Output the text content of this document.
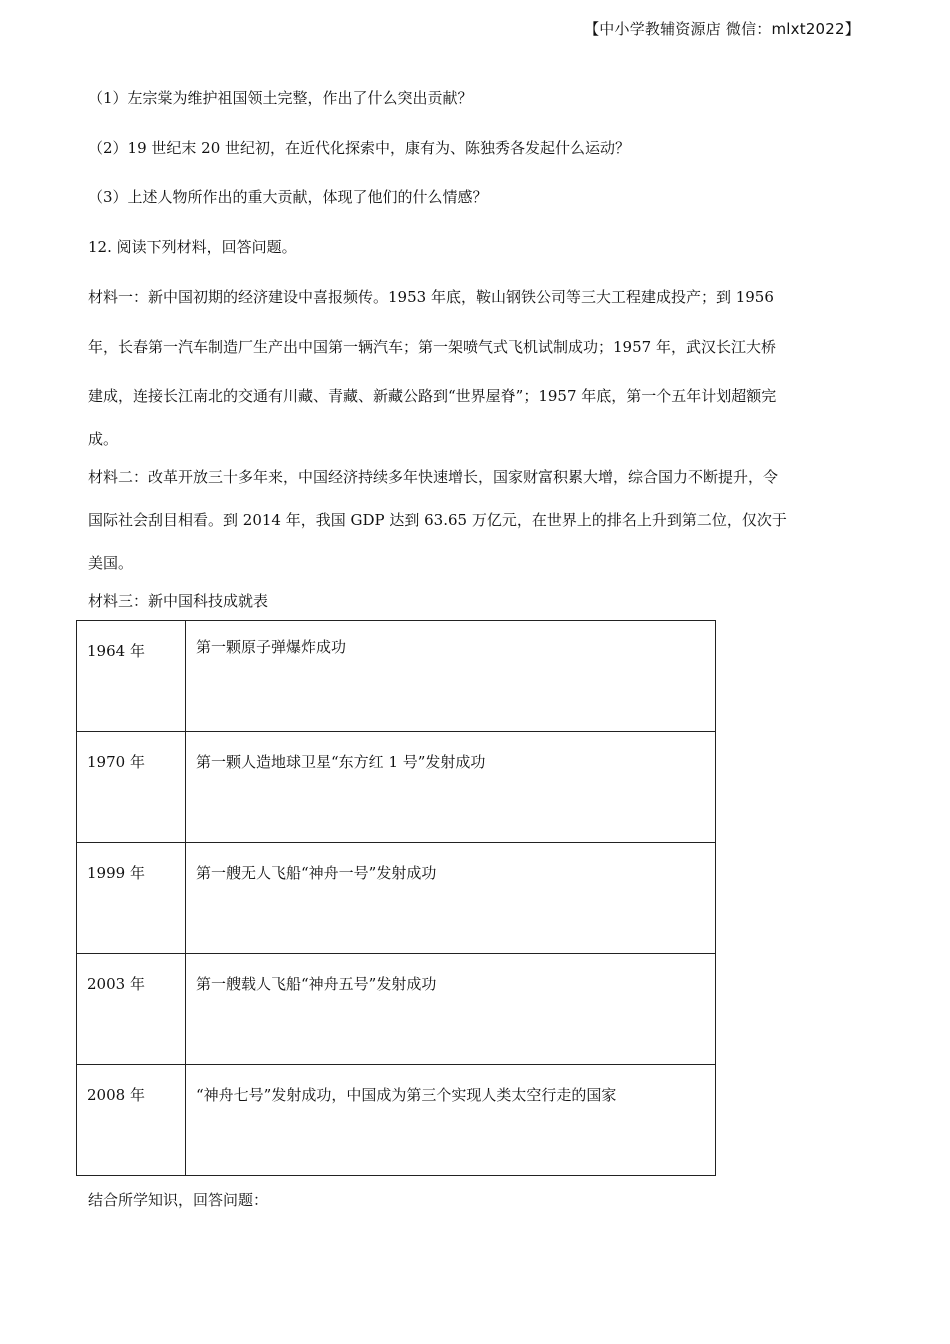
【中小学教辅资源店 微信：mlxt2022】
（1）左宗棠为维护祖国领土完整，作出了什么突出贡献？
（2）19 世纪末 20 世纪初，在近代化探索中，康有为、陈独秀各发起什么运动？
（3）上述人物所作出的重大贡献，体现了他们的什么情感？
12. 阅读下列材料，回答问题。
材料一：新中国初期的经济建设中喜报频传。1953 年底，鞍山钢铁公司等三大工程建成投产；到 1956
年，长春第一汽车制造厂生产出中国第一辆汽车；第一架喷气式飞机试制成功；1957 年，武汉长江大桥
建成，连接长江南北的交通有川藏、青藏、新藏公路到“世界屋脊”；1957 年底，第一个五年计划超额完
成。
材料二：改革开放三十多年来，中国经济持续多年快速增长，国家财富积累大增，综合国力不断提升，令
国际社会刮目相看。到 2014 年，我国 GDP 达到 63.65 万亿元，在世界上的排名上升到第二位，仅次于
美国。
材料三：新中国科技成就表
1964 年	第一颗原子弹爆炸成功

1970 年	第一颗人造地球卫星“东方红 1 号”发射成功

1999 年	第一艘无人飞船“神舟一号”发射成功

2003 年	第一艘载人飞船“神舟五号”发射成功

2008 年	“神舟七号”发射成功，中国成为第三个实现人类太空行走的国家
结合所学知识，回答问题：
